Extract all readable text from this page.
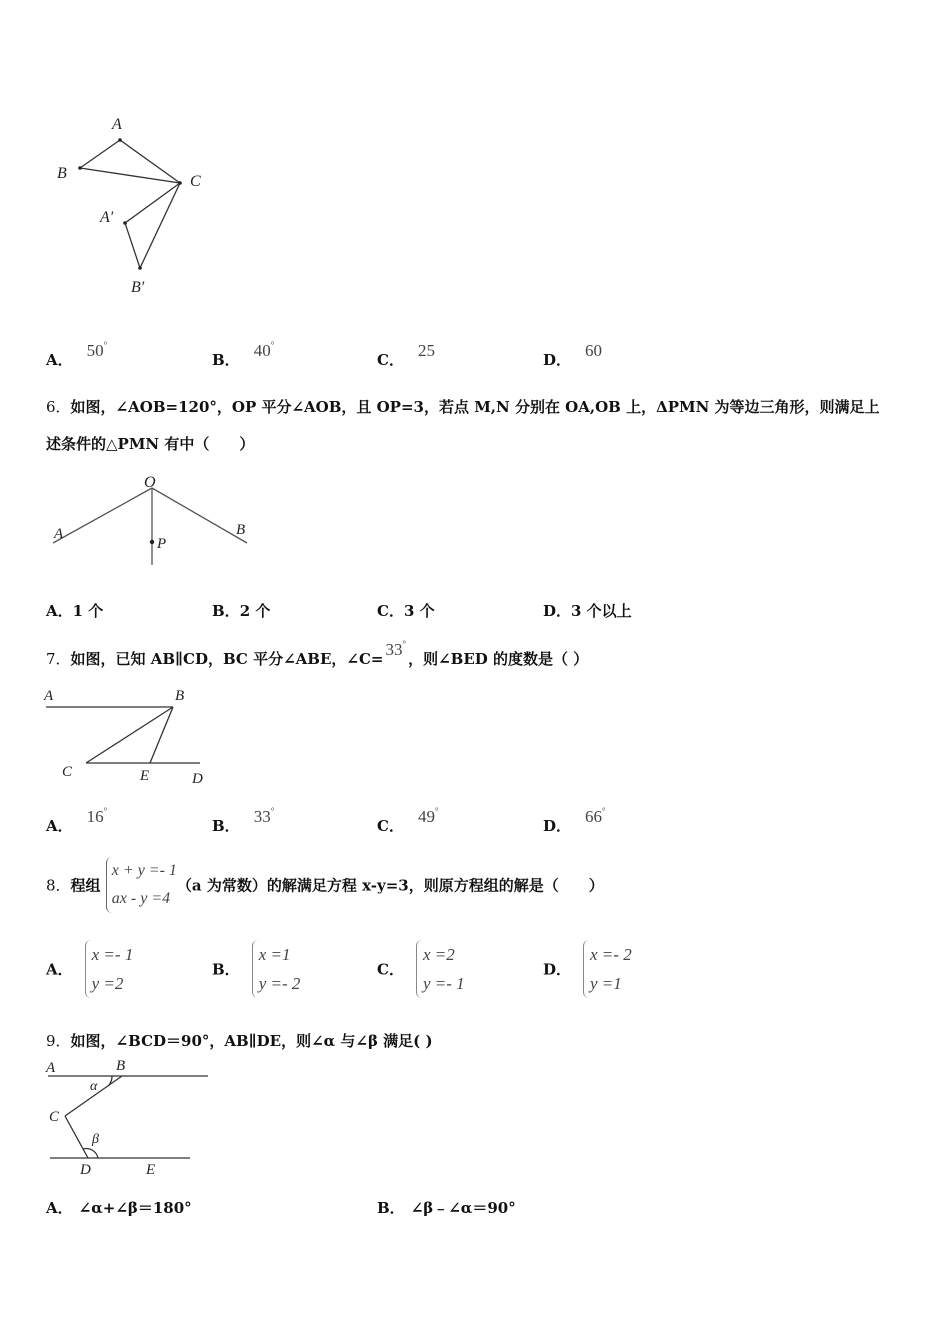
A
B	C
A′
B′
A． 50°
B． 40°
C． 25	D． 60
6．如图，∠AOB=120°，OP 平分∠AOB，且 OP=3，若点 M,N 分别在 OA,OB 上，ΔPMN 为等边三角形，则满足上
述条件的△PMN 有中（　　）
O
A	B
P
A．1 个	B．2 个	C．3 个	D．3 个以上
7．如图，已知 AB∥CD，BC 平分∠ABE，∠C= 33°，则∠BED 的度数是（ ）
A	B
C	E	D
A． 16°
B． 33°
C． 49°
D． 66°
8．程组 x + y =- 1
ax - y =4（a 为常数）的解满足方程 x-y=3，则原方程组的解是（　　）
A．x =- 1
y =2
B．x =1
y =- 2
C．x =2
y =- 1
D．x =- 2
y =1
9．如图，∠BCD＝90°，AB∥DE，则∠α 与∠β 满足( )
A	B
α
C
β
D	E
A． ∠α+∠β＝180°	B． ∠β﹣∠α＝90°
